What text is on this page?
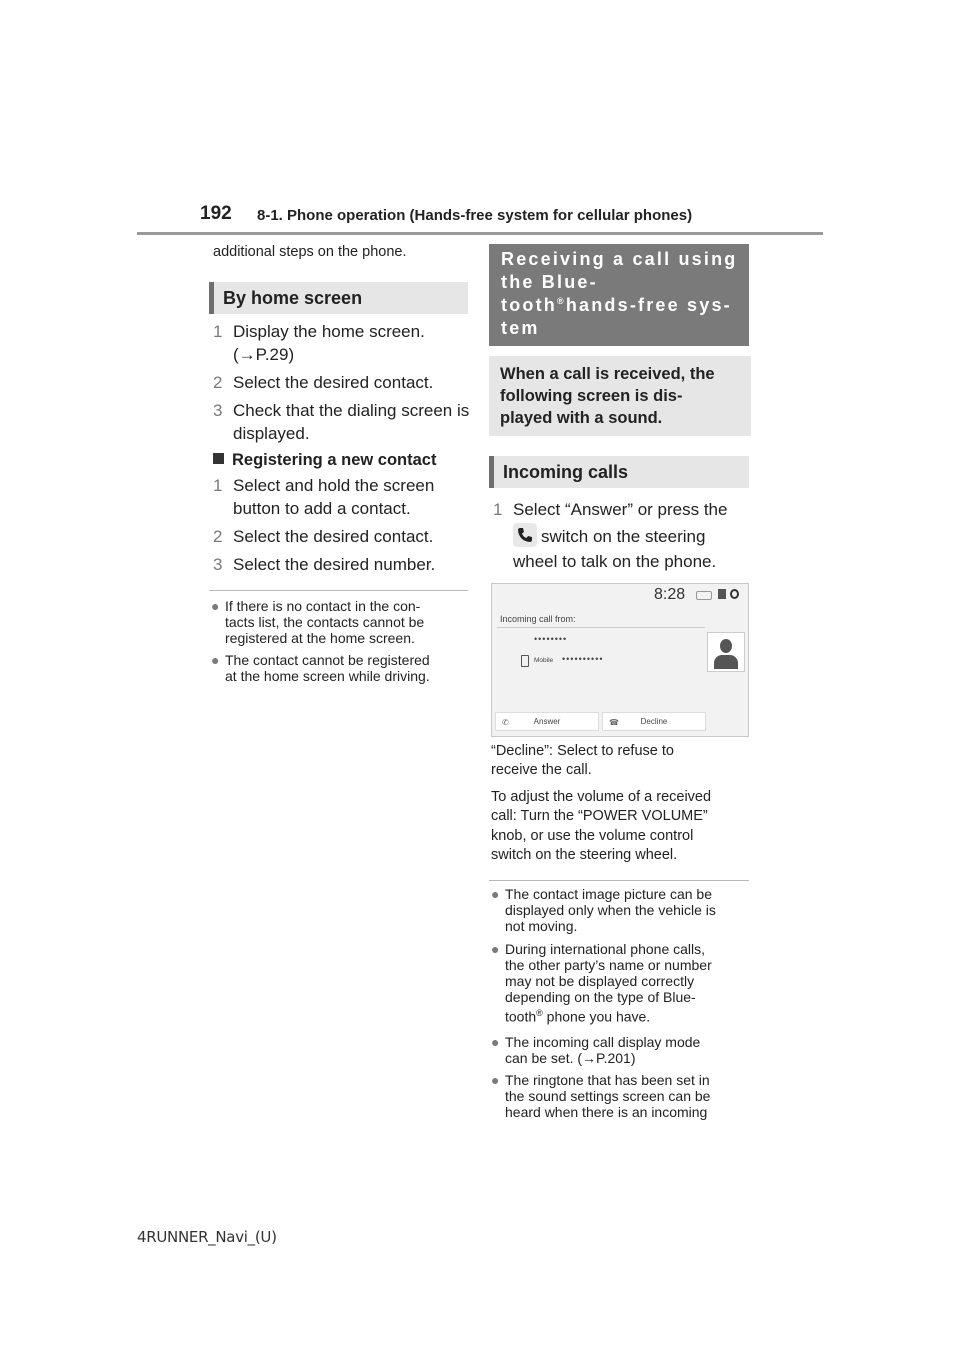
192 8-1. Phone operation (Hands-free system for cellular phones)
additional steps on the phone.
By home screen
1 Display the home screen.
(→P.29)
2 Select the desired contact.
3 Check that the dialing screen is displayed.
Registering a new contact
1 Select and hold the screen button to add a contact.
2 Select the desired contact.
3 Select the desired number.
● If there is no contact in the con-
tacts list, the contacts cannot be
registered at the home screen.
● The contact cannot be registered
at the home screen while driving.
Receiving a call using the Blue-
tooth®hands-free sys-
tem
When a call is received, the
following screen is dis-
played with a sound.
Incoming calls
1 Select “Answer” or press the
switch on the steering
wheel to talk on the phone.
8:28
Incoming call from:
••••••••
Mobile ••••••••••
✆	Answer	☎	Decline
“Decline”: Select to refuse to
receive the call.
To adjust the volume of a received
call: Turn the “POWER VOLUME”
knob, or use the volume control
switch on the steering wheel.
● The contact image picture can be
displayed only when the vehicle is
not moving.
● During international phone calls,
the other party’s name or number
may not be displayed correctly
depending on the type of Blue-
tooth® phone you have.
● The incoming call display mode
can be set. (→P.201)
● The ringtone that has been set in
the sound settings screen can be
heard when there is an incoming
4RUNNER_Navi_(U)
